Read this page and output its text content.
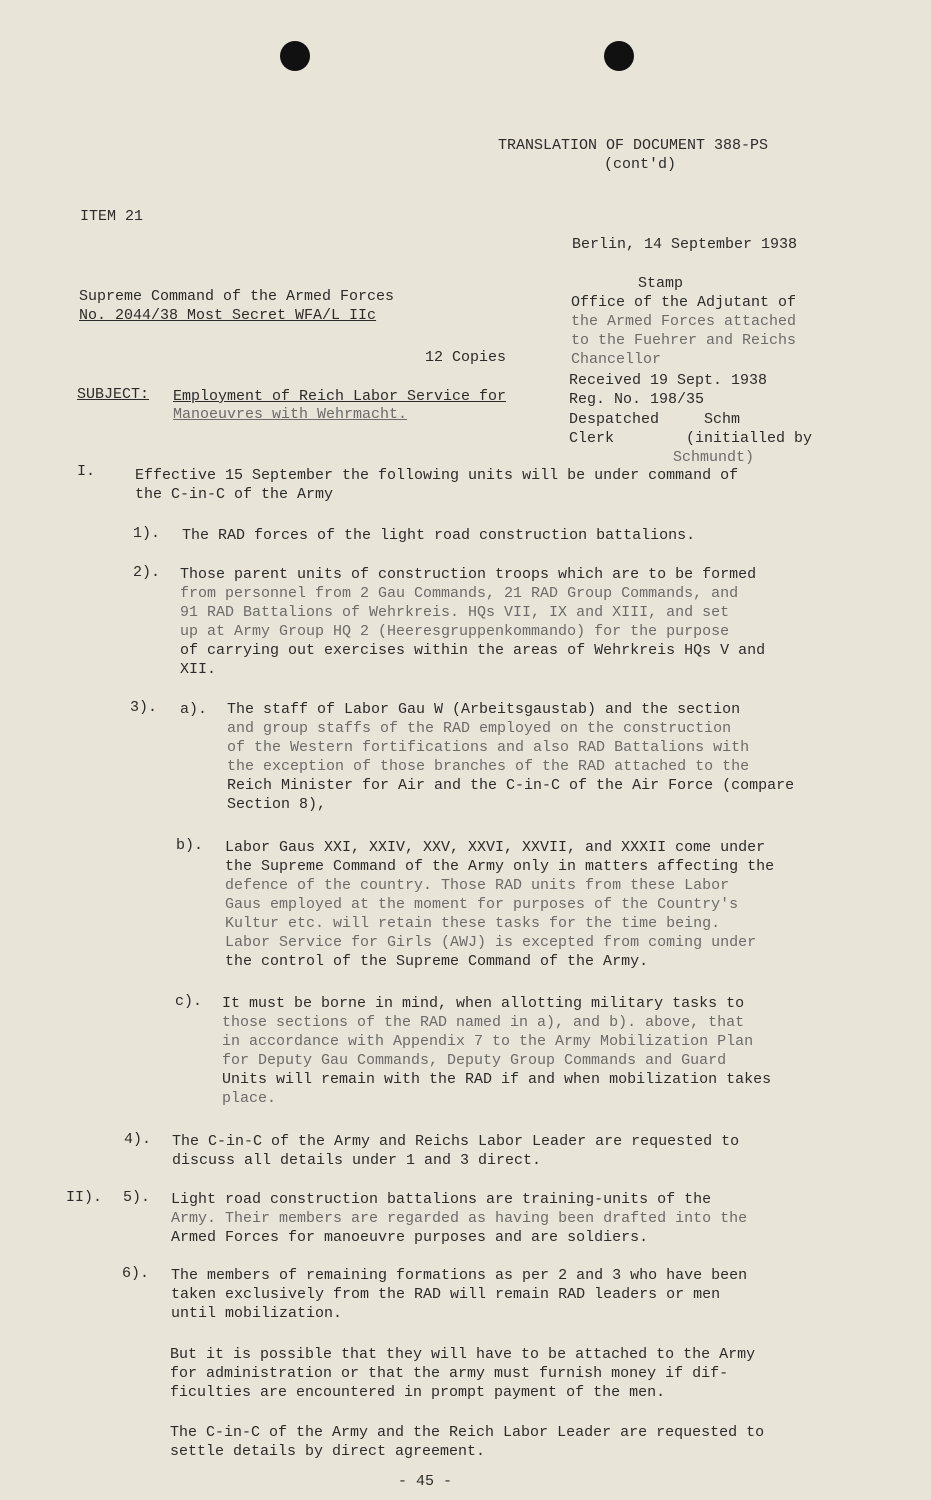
TRANSLATION OF DOCUMENT 388-PS
(cont'd)
ITEM 21
Berlin, 14 September 1938
Supreme Command of the Armed Forces
No. 2044/38 Most Secret WFA/L IIc
12 Copies
Stamp
Office of the Adjutant of
the Armed Forces attached
to the Fuehrer and Reichs
Chancellor
Received 19 Sept. 1938
Reg. No. 198/35
Despatched     Schm
Clerk        (initialled by
Schmundt)
SUBJECT: Employment of Reich Labor Service for
Manoeuvres with Wehrmacht.
I.	Effective 15 September the following units will be under command of
the C-in-C of the Army
1). The RAD forces of the light road construction battalions.
2). Those parent units of construction troops which are to be formed
from personnel from 2 Gau Commands, 21 RAD Group Commands, and
91 RAD Battalions of Wehrkreis. HQs VII, IX and XIII, and set
up at Army Group HQ 2 (Heeresgruppenkommando) for the purpose
of carrying out exercises within the areas of Wehrkreis HQs V and
XII.
3). a). The staff of Labor Gau W (Arbeitsgaustab) and the section
and group staffs of the RAD employed on the construction
of the Western fortifications and also RAD Battalions with
the exception of those branches of the RAD attached to the
Reich Minister for Air and the C-in-C of the Air Force (compare
Section 8),
b). Labor Gaus XXI, XXIV, XXV, XXVI, XXVII, and XXXII come under
the Supreme Command of the Army only in matters affecting the
defence of the country. Those RAD units from these Labor
Gaus employed at the moment for purposes of the Country's
Kultur etc. will retain these tasks for the time being.
Labor Service for Girls (AWJ) is excepted from coming under
the control of the Supreme Command of the Army.
c). It must be borne in mind, when allotting military tasks to
those sections of the RAD named in a), and b). above, that
in accordance with Appendix 7 to the Army Mobilization Plan
for Deputy Gau Commands, Deputy Group Commands and Guard
Units will remain with the RAD if and when mobilization takes
place.
4). The C-in-C of the Army and Reichs Labor Leader are requested to
discuss all details under 1 and 3 direct.
II). 5). Light road construction battalions are training-units of the
Army. Their members are regarded as having been drafted into the
Armed Forces for manoeuvre purposes and are soldiers.
6). The members of remaining formations as per 2 and 3 who have been
taken exclusively from the RAD will remain RAD leaders or men
until mobilization.
But it is possible that they will have to be attached to the Army
for administration or that the army must furnish money if dif-
ficulties are encountered in prompt payment of the men.
The C-in-C of the Army and the Reich Labor Leader are requested to
settle details by direct agreement.
- 45 -
